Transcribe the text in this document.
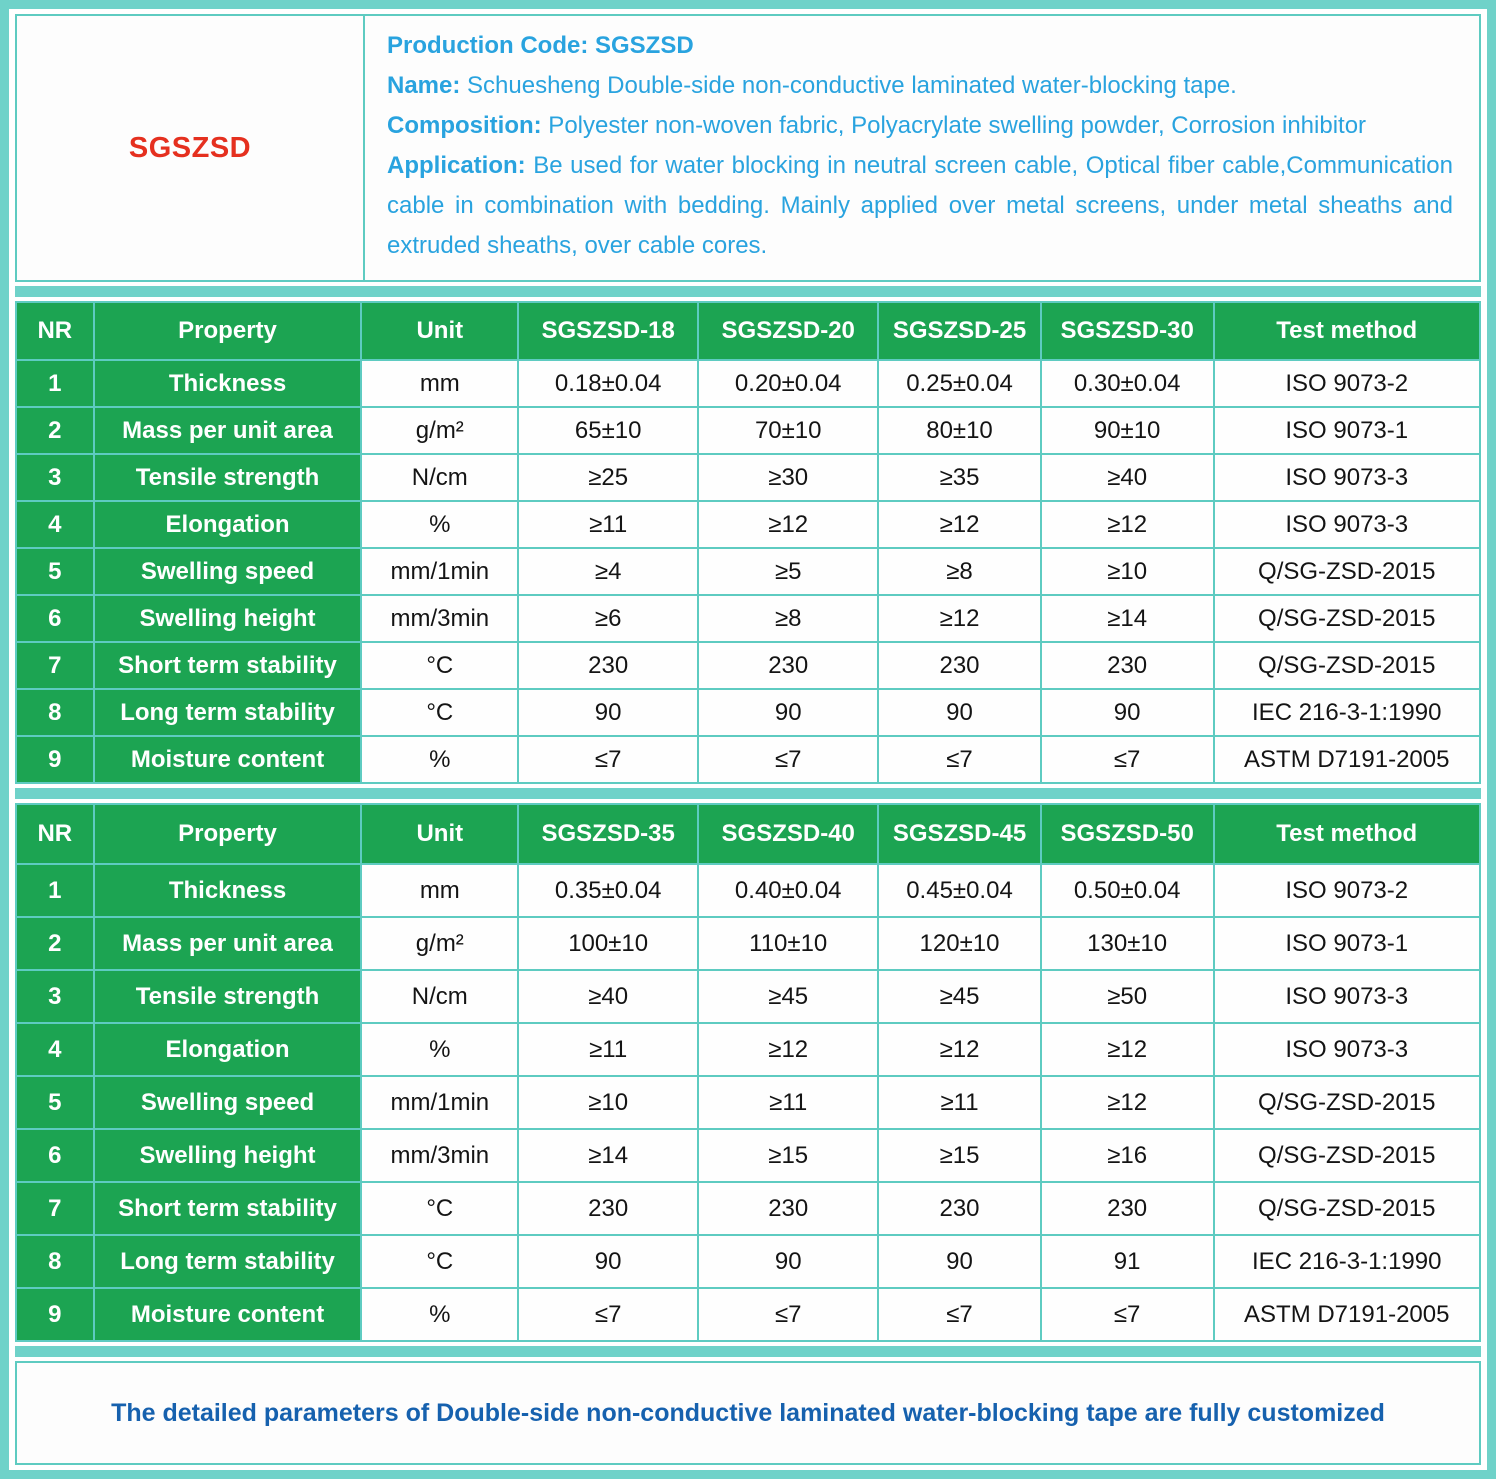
SGSZSD

Production Code: SGSZSD

Name: Schuesheng Double-side non-conductive laminated water-blocking tape.

Composition: Polyester non-woven fabric, Polyacrylate swelling powder, Corrosion inhibitor

Application: Be used for water blocking in neutral screen cable, Optical fiber cable,Communication cable in combination with bedding. Mainly applied over metal screens, under metal sheaths and extruded sheaths, over cable cores.

NR	Property	Unit	SGSZSD-18	SGSZSD-20	SGSZSD-25	SGSZSD-30	Test method
1	Thickness	mm	0.18±0.04	0.20±0.04	0.25±0.04	0.30±0.04	ISO 9073-2
2	Mass per unit area	g/m²	65±10	70±10	80±10	90±10	ISO 9073-1
3	Tensile strength	N/cm	≥25	≥30	≥35	≥40	ISO 9073-3
4	Elongation	%	≥11	≥12	≥12	≥12	ISO 9073-3
5	Swelling speed	mm/1min	≥4	≥5	≥8	≥10	Q/SG-ZSD-2015
6	Swelling height	mm/3min	≥6	≥8	≥12	≥14	Q/SG-ZSD-2015
7	Short term stability	°C	230	230	230	230	Q/SG-ZSD-2015
8	Long term stability	°C	90	90	90	90	IEC 216-3-1:1990
9	Moisture content	%	≤7	≤7	≤7	≤7	ASTM D7191-2005
NR	Property	Unit	SGSZSD-35	SGSZSD-40	SGSZSD-45	SGSZSD-50	Test method
1	Thickness	mm	0.35±0.04	0.40±0.04	0.45±0.04	0.50±0.04	ISO 9073-2
2	Mass per unit area	g/m²	100±10	110±10	120±10	130±10	ISO 9073-1
3	Tensile strength	N/cm	≥40	≥45	≥45	≥50	ISO 9073-3
4	Elongation	%	≥11	≥12	≥12	≥12	ISO 9073-3
5	Swelling speed	mm/1min	≥10	≥11	≥11	≥12	Q/SG-ZSD-2015
6	Swelling height	mm/3min	≥14	≥15	≥15	≥16	Q/SG-ZSD-2015
7	Short term stability	°C	230	230	230	230	Q/SG-ZSD-2015
8	Long term stability	°C	90	90	90	91	IEC 216-3-1:1990
9	Moisture content	%	≤7	≤7	≤7	≤7	ASTM D7191-2005
The detailed parameters of Double-side non-conductive laminated water-blocking tape are fully customized
